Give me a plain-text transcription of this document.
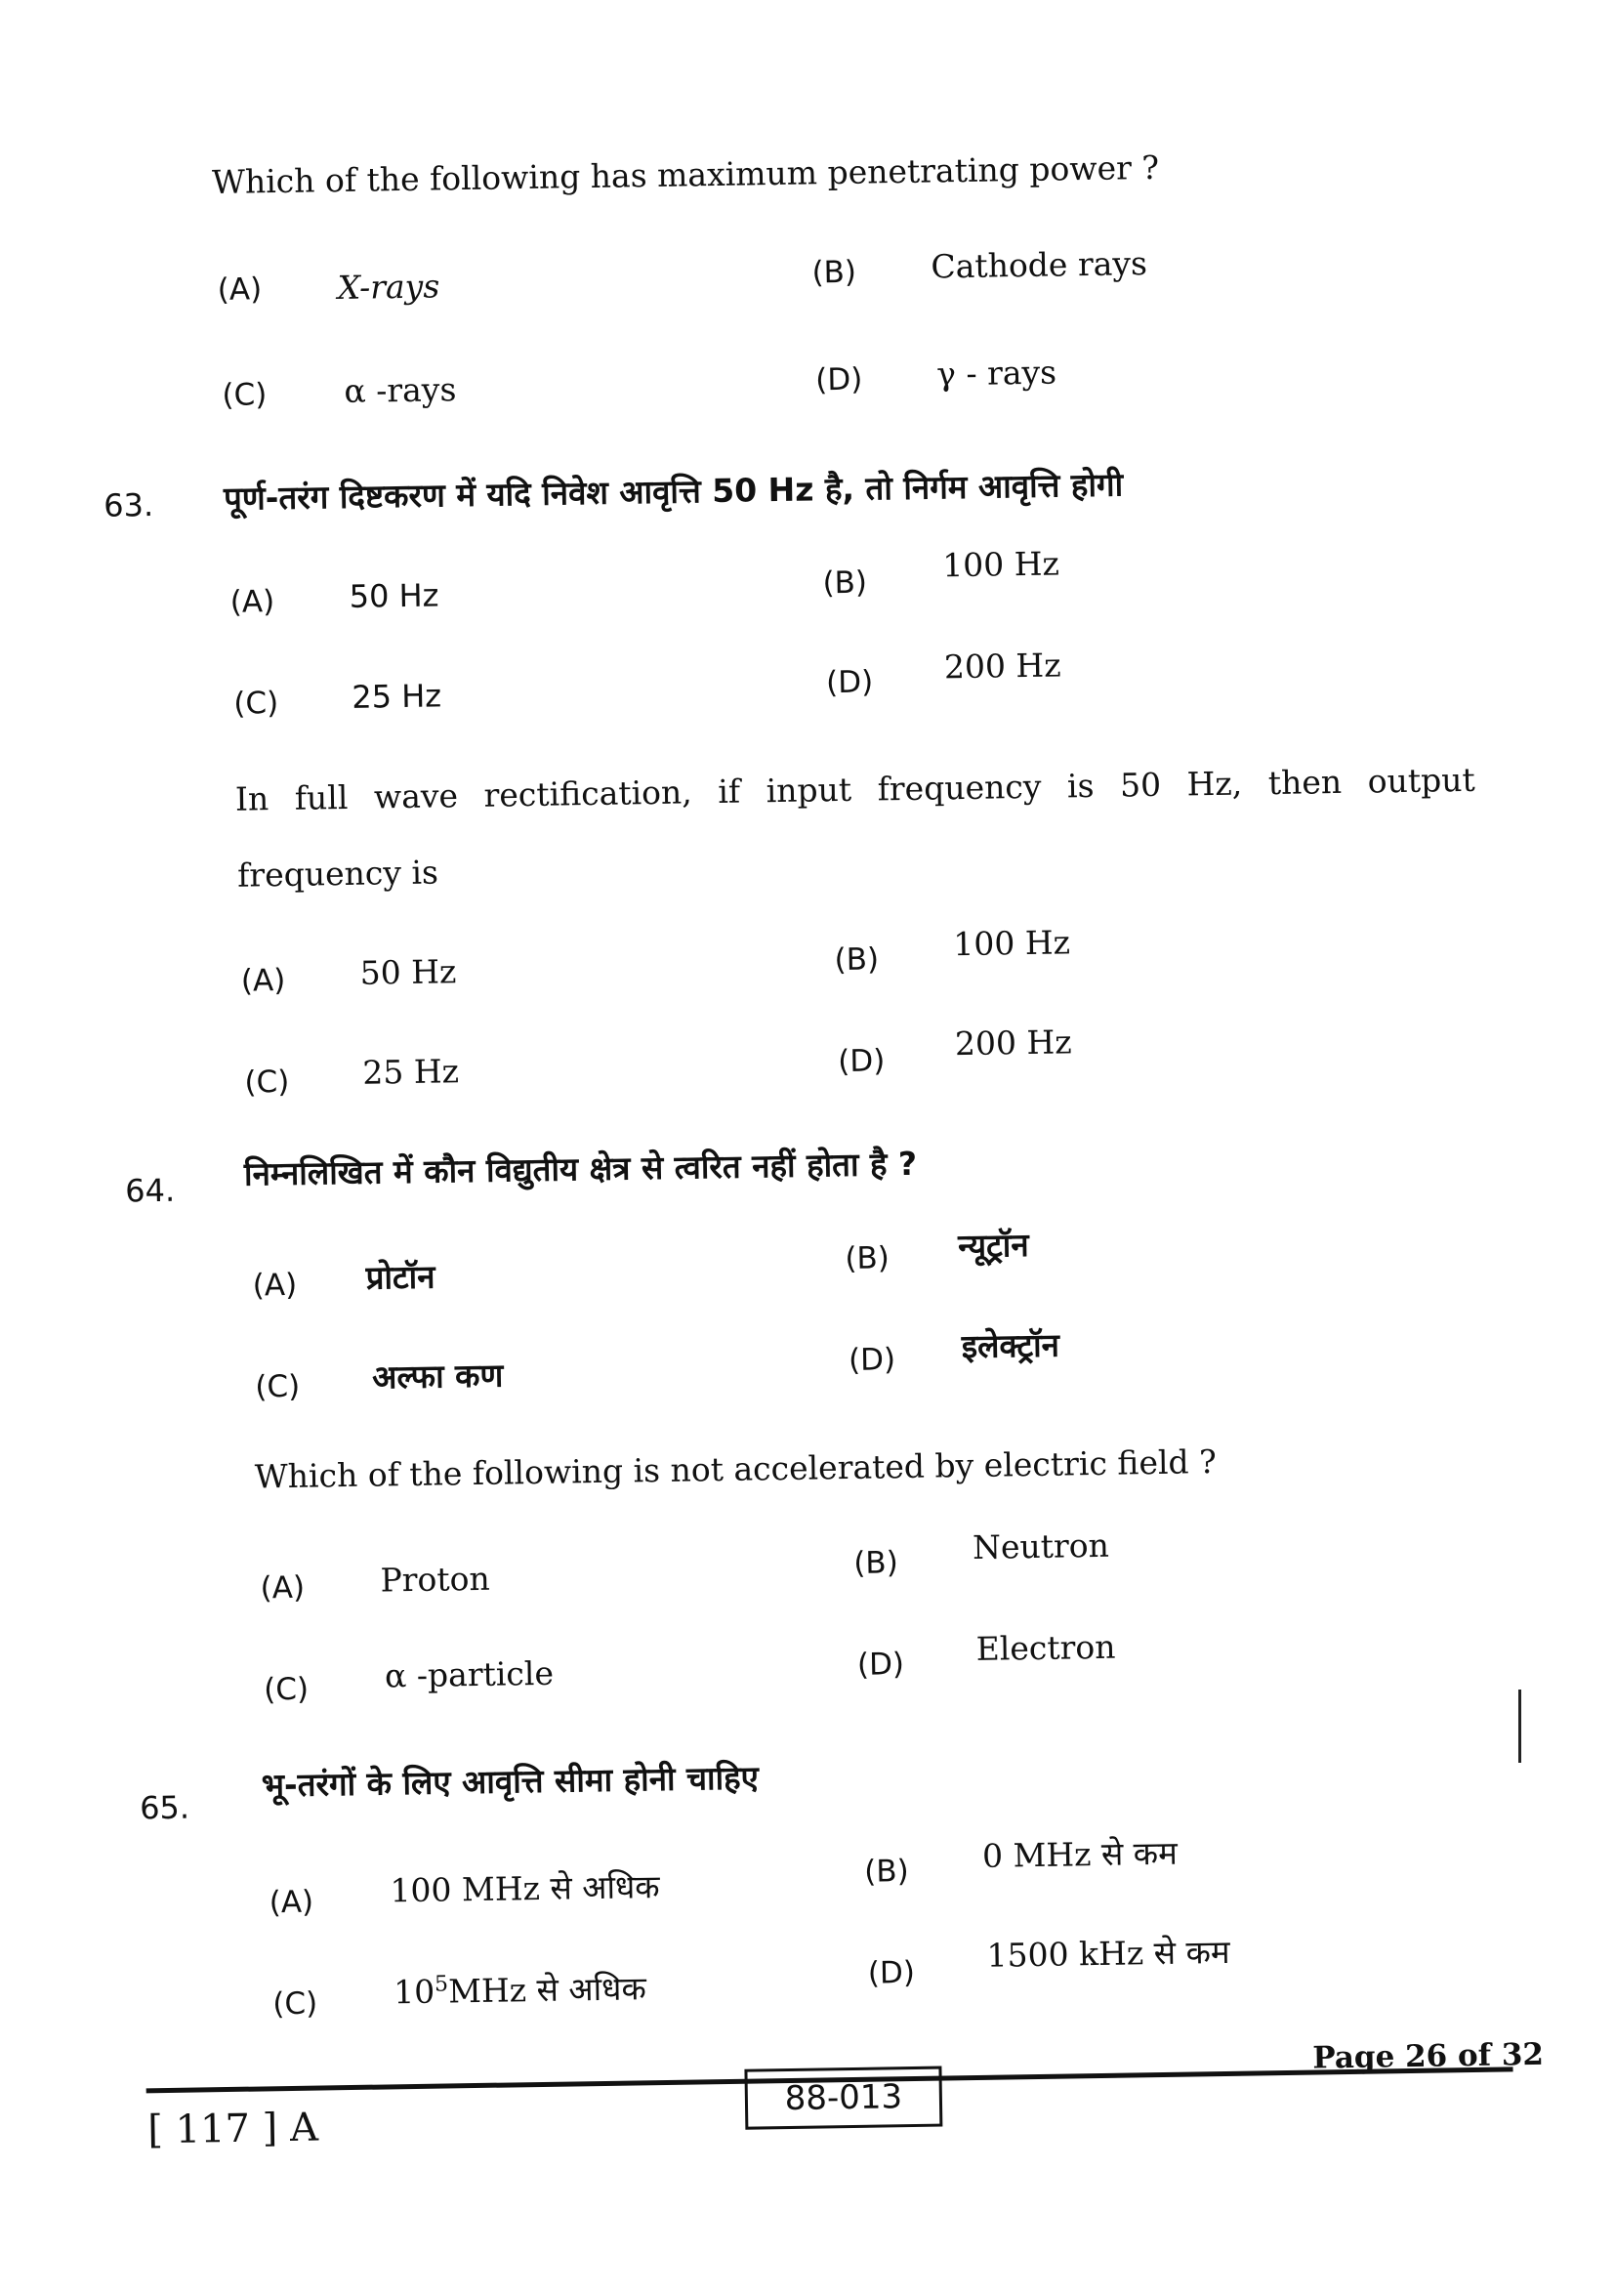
Which of the following has maximum penetrating power ?
(A) X-rays	(B) Cathode rays
(C) α -rays	(D) γ - rays
63. पूर्ण-तरंग दिष्टकरण में यदि निवेश आवृत्ति 50 Hz है, तो निर्गम आवृत्ति होगी
(A) 50 Hz	(B) 100 Hz
(C) 25 Hz	(D) 200 Hz
In full wave rectification, if input frequency is 50 Hz, then output
frequency is
(A) 50 Hz	(B) 100 Hz
(C) 25 Hz	(D) 200 Hz
64. निम्नलिखित में कौन विद्युतीय क्षेत्र से त्वरित नहीं होता है ?
(A) प्रोटॉन	(B) न्यूट्रॉन
(C) अल्फा कण	(D) इलेक्ट्रॉन
Which of the following is not accelerated by electric field ?
(A) Proton	(B) Neutron
(C) α -particle	(D) Electron
65.
भू-तरंगों के लिए आवृत्ति सीमा होनी चाहिए
(A) 100 MHz से अधिक	(B) 0 MHz से कम
(C) $10^5MHz$ से अधिक	(D) 1500 kHz से कम
[ 117 ] A
88-013
Page 26 of 32
